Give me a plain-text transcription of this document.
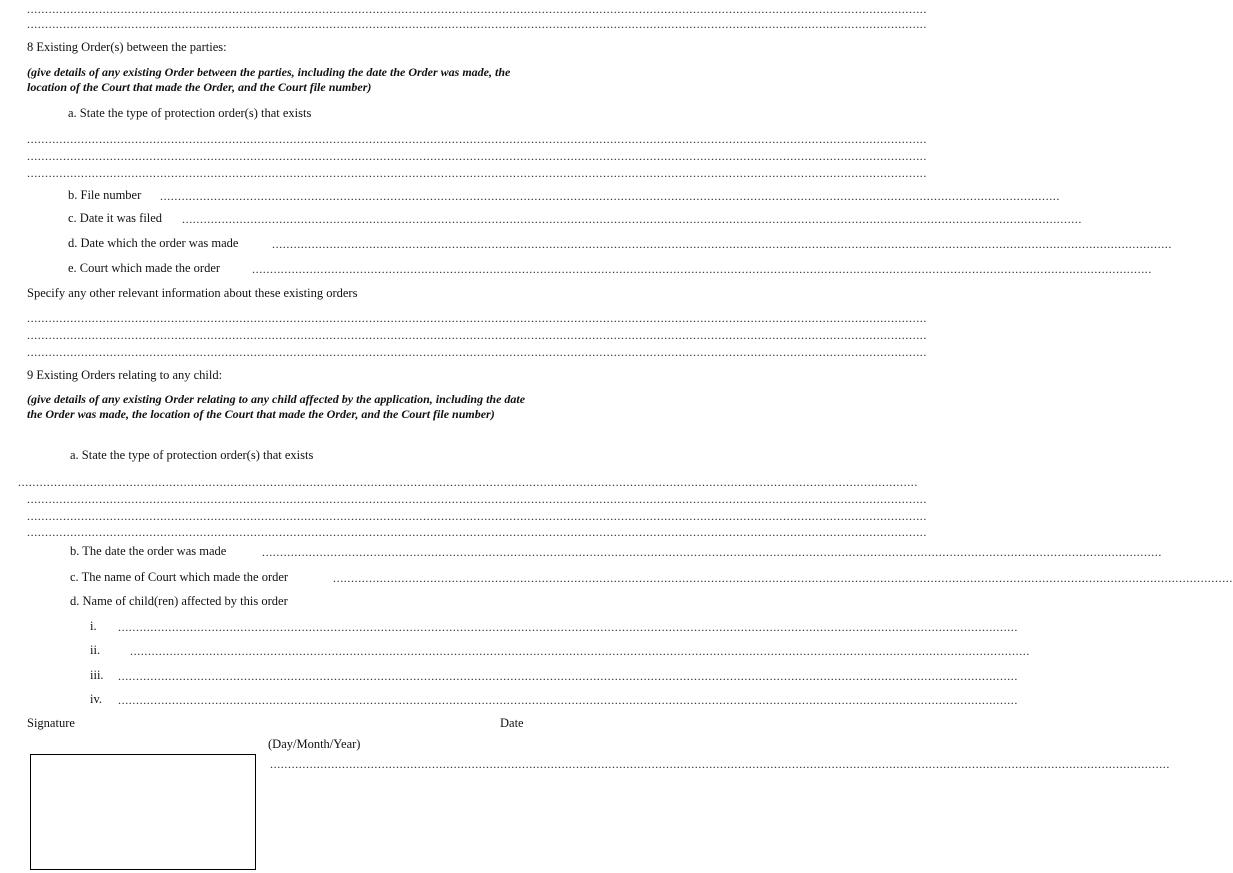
..........................................................................................................................................................................................................................................................
..........................................................................................................................................................................................................................................................
8 Existing Order(s) between the parties:
(give details of any existing Order between the parties, including the date the Order was made, the location of the Court that made the Order, and the Court file number)
a. State the type of protection order(s) that exists
..........................................................................................................................................................................................................................................................
..........................................................................................................................................................................................................................................................
..........................................................................................................................................................................................................................................................
b. File number ..........................................................................................................................................................................................................................................................
c. Date it was filed ..........................................................................................................................................................................................................................................................
d. Date which the order was made	..........................................................................................................................................................................................................................................................
e. Court which made the order	..........................................................................................................................................................................................................................................................
Specify any other relevant information about these existing orders
..........................................................................................................................................................................................................................................................
..........................................................................................................................................................................................................................................................
..........................................................................................................................................................................................................................................................
9 Existing Orders relating to any child:
(give details of any existing Order relating to any child affected by the application, including the date the Order was made, the location of the Court that made the Order, and the Court file number)
a. State the type of protection order(s) that exists
..........................................................................................................................................................................................................................................................
..........................................................................................................................................................................................................................................................
..........................................................................................................................................................................................................................................................
..........................................................................................................................................................................................................................................................
b. The date the order was made	..........................................................................................................................................................................................................................................................
c. The name of Court which made the order	..........................................................................................................................................................................................................................................................
d. Name of child(ren) affected by this order
i. ..........................................................................................................................................................................................................................................................
ii. ..........................................................................................................................................................................................................................................................
iii. ..........................................................................................................................................................................................................................................................
iv. ..........................................................................................................................................................................................................................................................
Signature	Date
(Day/Month/Year)
..........................................................................................................................................................................................................................................................
